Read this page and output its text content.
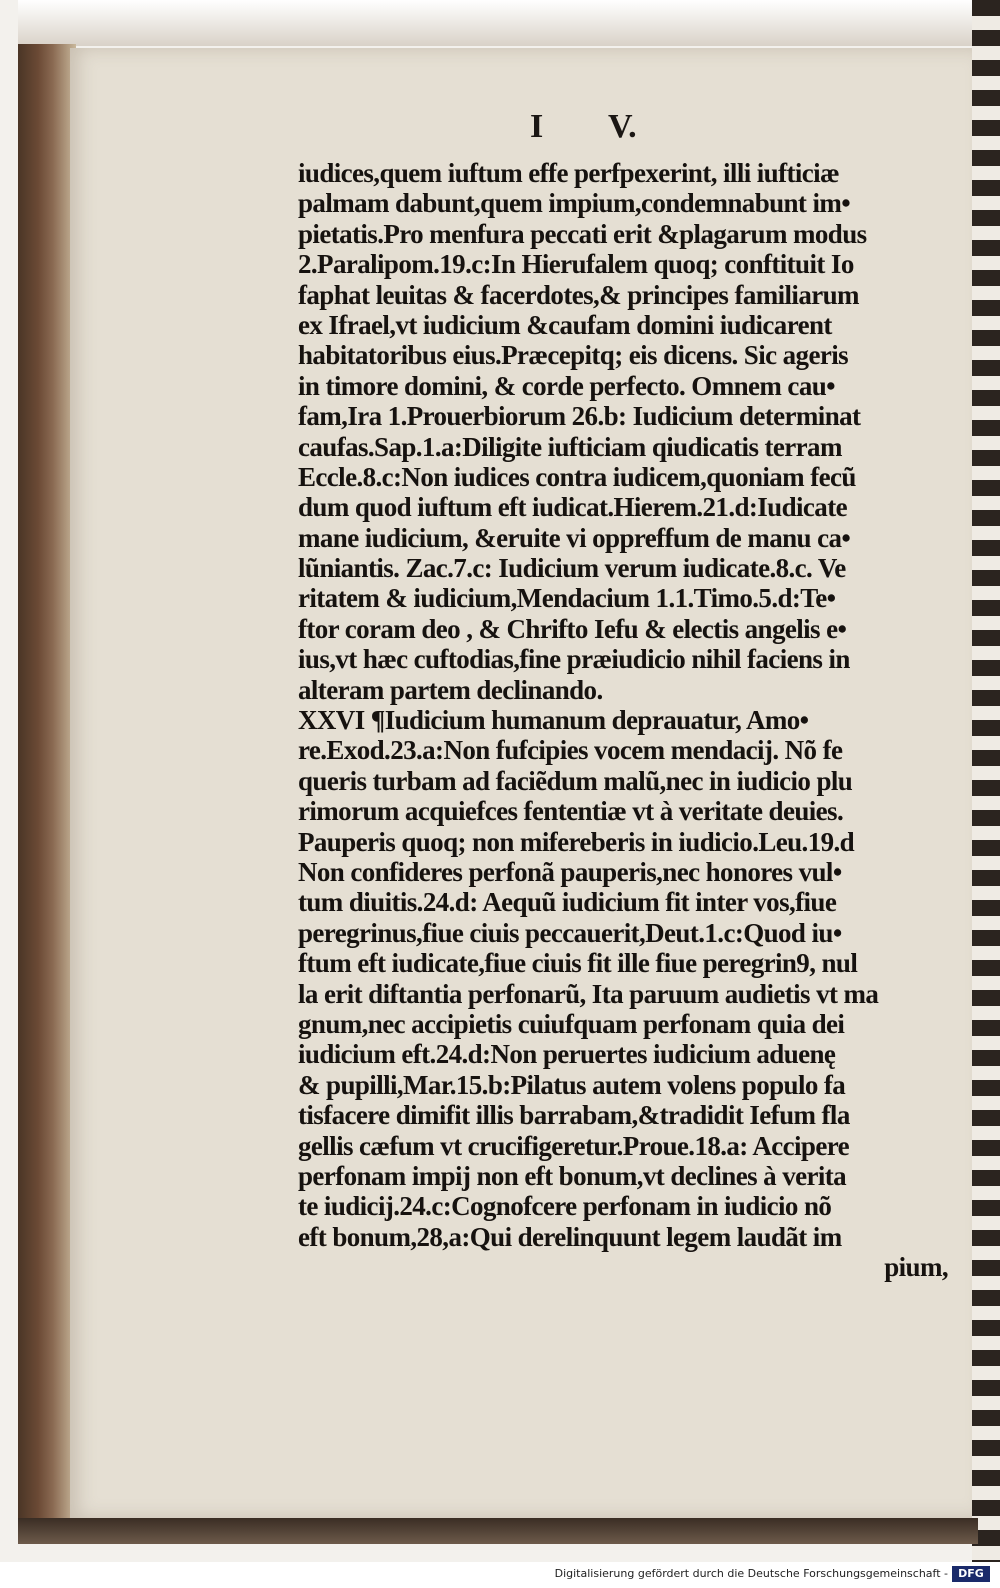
I V.
iudices,quem iuftum effe perfpexerint, illi iufticiæ
palmam dabunt,quem impium,condemnabunt im•
pietatis.Pro menfura peccati erit &plagarum modus
2.Paralipom.19.c:In Hierufalem quoq; conftituit Io
faphat leuitas & facerdotes,& principes familiarum
ex Ifrael,vt iudicium &caufam domini iudicarent
habitatoribus eius.Præcepitq; eis dicens. Sic ageris
in timore domini, & corde perfecto. Omnem cau•
fam,Ira 1.Prouerbiorum 26.b: Iudicium determinat
caufas.Sap.1.a:Diligite iufticiam qiudicatis terram
Eccle.8.c:Non iudices contra iudicem,quoniam fecũ
dum quod iuftum eft iudicat.Hierem.21.d:Iudicate
mane iudicium, &eruite vi oppreffum de manu ca•
lũniantis. Zac.7.c: Iudicium verum iudicate.8.c. Ve
ritatem & iudicium,Mendacium 1.1.Timo.5.d:Te•
ftor coram deo , & Chrifto Iefu & electis angelis e•
ius,vt hæc cuftodias,fine præiudicio nihil faciens in
alteram partem declinando.
XXVI ¶Iudicium humanum deprauatur, Amo•
re.Exod.23.a:Non fufcipies vocem mendacij. Nõ fe
queris turbam ad faciẽdum malũ,nec in iudicio plu
rimorum acquiefces fententiæ vt à veritate deuies.
Pauperis quoq; non mifereberis in iudicio.Leu.19.d
Non confideres perfonã pauperis,nec honores vul•
tum diuitis.24.d: Aequũ iudicium fit inter vos,fiue
peregrinus,fiue ciuis peccauerit,Deut.1.c:Quod iu•
ftum eft iudicate,fiue ciuis fit ille fiue peregrin9, nul
la erit diftantia perfonarũ, Ita paruum audietis vt ma
gnum,nec accipietis cuiufquam perfonam quia dei
iudicium eft.24.d:Non peruertes iudicium aduenę
& pupilli,Mar.15.b:Pilatus autem volens populo fa
tisfacere dimifit illis barrabam,&tradidit Iefum fla
gellis cæfum vt crucifigeretur.Proue.18.a: Accipere
perfonam impij non eft bonum,vt declines à verita
te iudicij.24.c:Cognofcere perfonam in iudicio nõ
eft bonum,28,a:Qui derelinquunt legem laudãt im
pium,
Digitalisierung gefördert durch die Deutsche Forschungsgemeinschaft - DFG
